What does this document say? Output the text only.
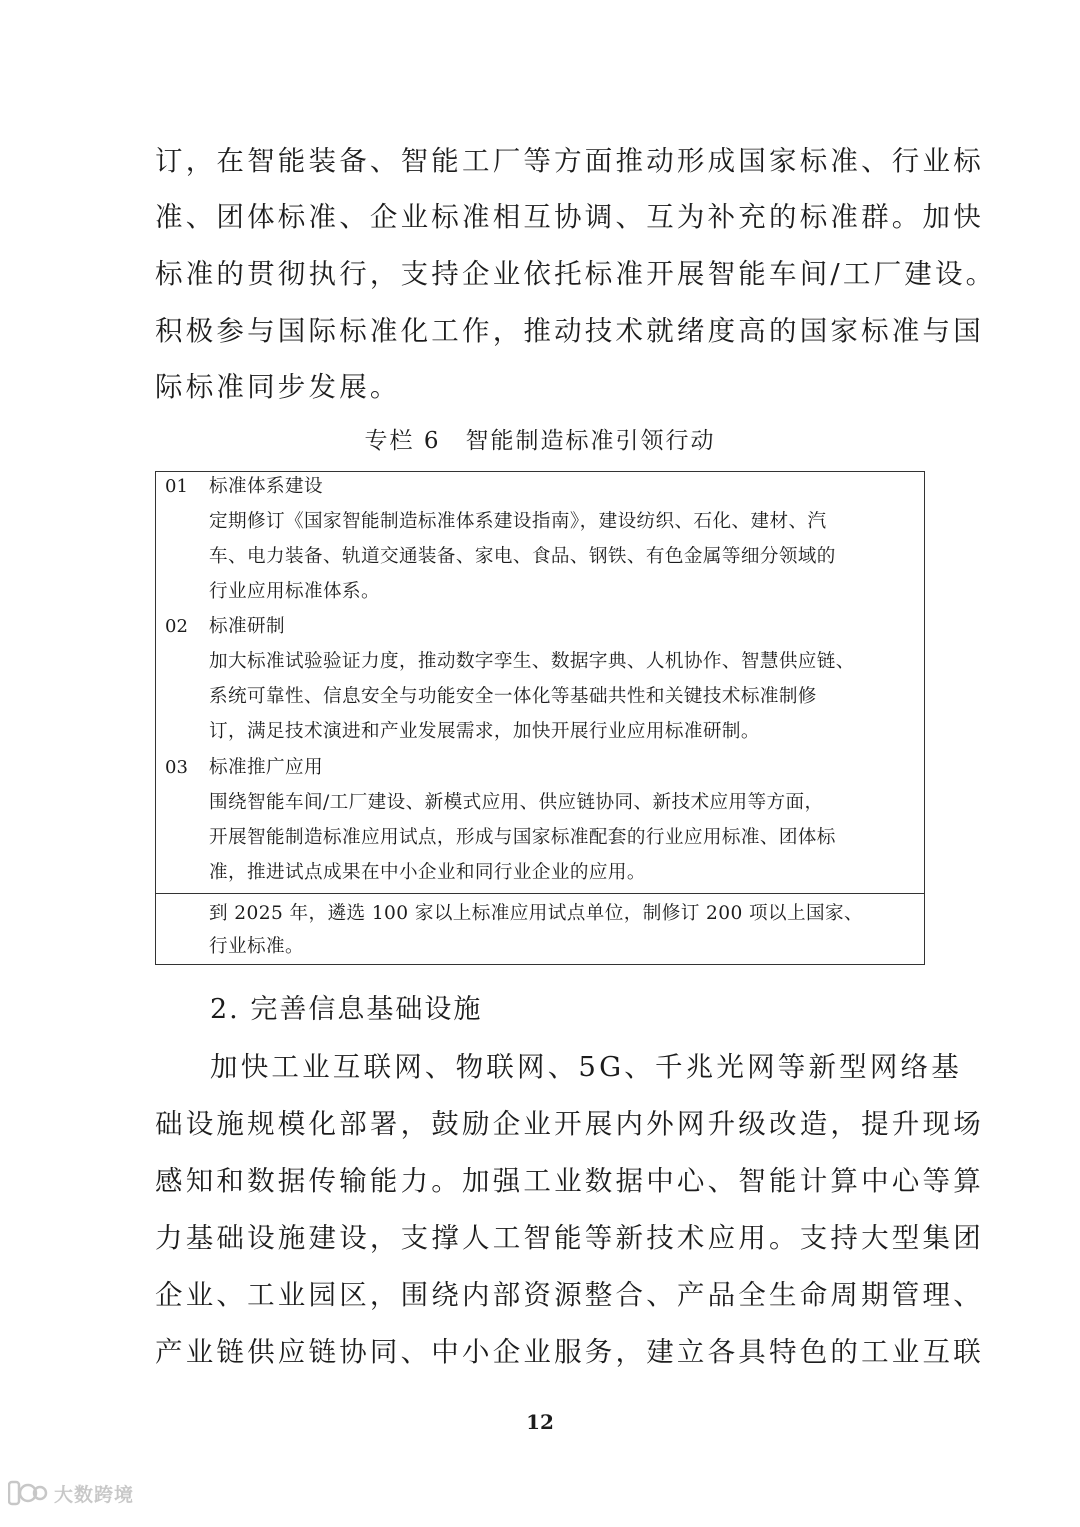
订，在智能装备、智能工厂等方面推动形成国家标准、行业标
准、团体标准、企业标准相互协调、互为补充的标准群。加快
标准的贯彻执行，支持企业依托标准开展智能车间/工厂建设。
积极参与国际标准化工作，推动技术就绪度高的国家标准与国
际标准同步发展。
专栏 6　智能制造标准引领行动
01 标准体系建设
定期修订《国家智能制造标准体系建设指南》，建设纺织、石化、建材、汽
车、电力装备、轨道交通装备、家电、食品、钢铁、有色金属等细分领域的
行业应用标准体系。
02 标准研制
加大标准试验验证力度，推动数字孪生、数据字典、人机协作、智慧供应链、
系统可靠性、信息安全与功能安全一体化等基础共性和关键技术标准制修
订，满足技术演进和产业发展需求，加快开展行业应用标准研制。
03 标准推广应用
围绕智能车间/工厂建设、新模式应用、供应链协同、新技术应用等方面，
开展智能制造标准应用试点，形成与国家标准配套的行业应用标准、团体标
准，推进试点成果在中小企业和同行业企业的应用。
到 2025 年，遴选 100 家以上标准应用试点单位，制修订 200 项以上国家、
行业标准。
2. 完善信息基础设施
加快工业互联网、物联网、5G、千兆光网等新型网络基
础设施规模化部署，鼓励企业开展内外网升级改造，提升现场
感知和数据传输能力。加强工业数据中心、智能计算中心等算
力基础设施建设，支撑人工智能等新技术应用。支持大型集团
企业、工业园区，围绕内部资源整合、产品全生命周期管理、
产业链供应链协同、中小企业服务，建立各具特色的工业互联
12
大数跨境
